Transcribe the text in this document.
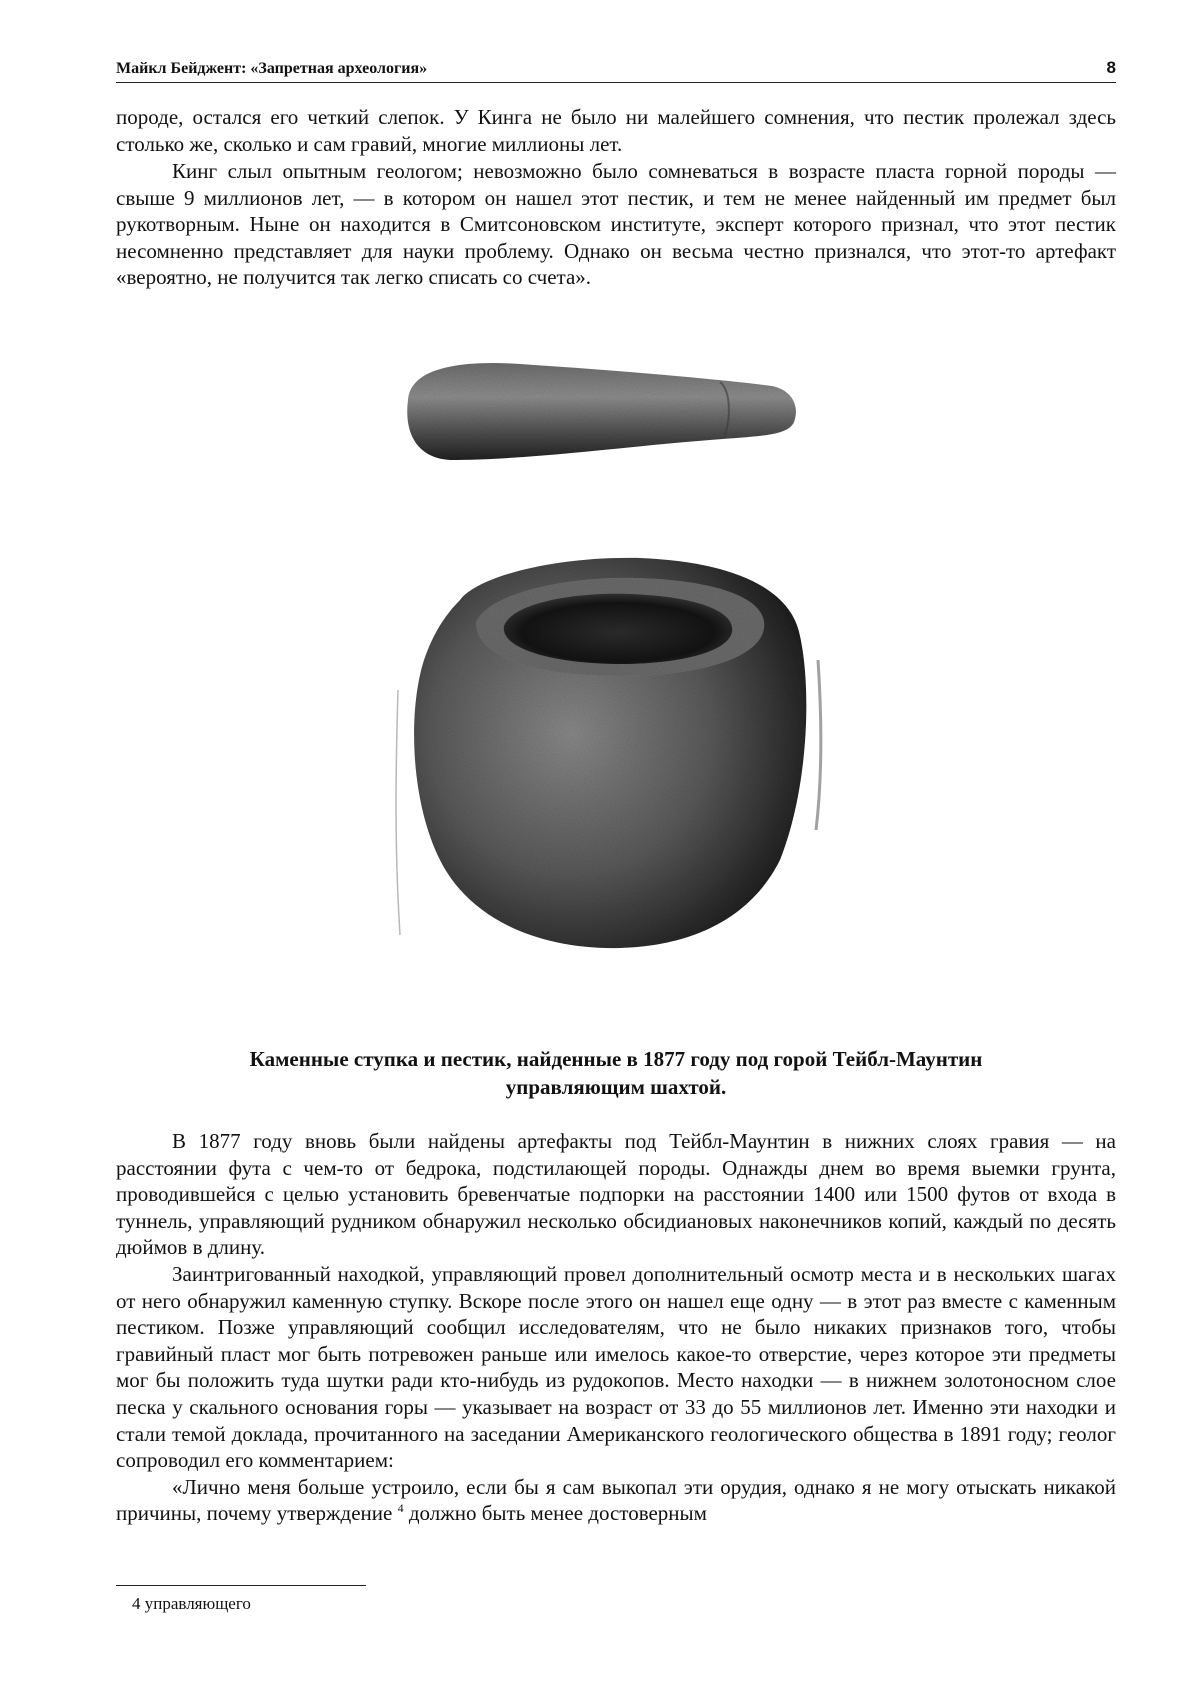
Майкл Бейджент: «Запретная археология»	8

породе, остался его четкий слепок. У Кинга не было ни малейшего сомнения, что пестик пролежал здесь столько же, сколько и сам гравий, многие миллионы лет.

Кинг слыл опытным геологом; невозможно было сомневаться в возрасте пласта горной породы — свыше 9 миллионов лет, — в котором он нашел этот пестик, и тем не менее найденный им предмет был рукотворным. Ныне он находится в Смитсоновском институте, эксперт которого признал, что этот пестик несомненно представляет для науки проблему. Однако он весьма честно признался, что этот-то артефакт «вероятно, не получится так легко списать со счета».

Каменные ступка и пестик, найденные в 1877 году под горой Тейбл-Маунтин
управляющим шахтой.

В 1877 году вновь были найдены артефакты под Тейбл-Маунтин в нижних слоях гравия — на расстоянии фута с чем-то от бедрока, подстилающей породы. Однажды днем во время выемки грунта, проводившейся с целью установить бревенчатые подпорки на расстоянии 1400 или 1500 футов от входа в туннель, управляющий рудником обнаружил несколько обсидиановых наконечников копий, каждый по десять дюймов в длину.

Заинтригованный находкой, управляющий провел дополнительный осмотр места и в нескольких шагах от него обнаружил каменную ступку. Вскоре после этого он нашел еще одну — в этот раз вместе с каменным пестиком. Позже управляющий сообщил исследователям, что не было никаких признаков того, чтобы гравийный пласт мог быть потревожен раньше или имелось какое-то отверстие, через которое эти предметы мог бы положить туда шутки ради кто-нибудь из рудокопов. Место находки — в нижнем золотоносном слое песка у скального основания горы — указывает на возраст от 33 до 55 миллионов лет. Именно эти находки и стали темой доклада, прочитанного на заседании Американского геологического общества в 1891 году; геолог сопроводил его комментарием:

«Лично меня больше устроило, если бы я сам выкопал эти орудия, однако я не могу отыскать никакой причины, почему утверждение $^4$ должно быть менее достоверным

4 управляющего
